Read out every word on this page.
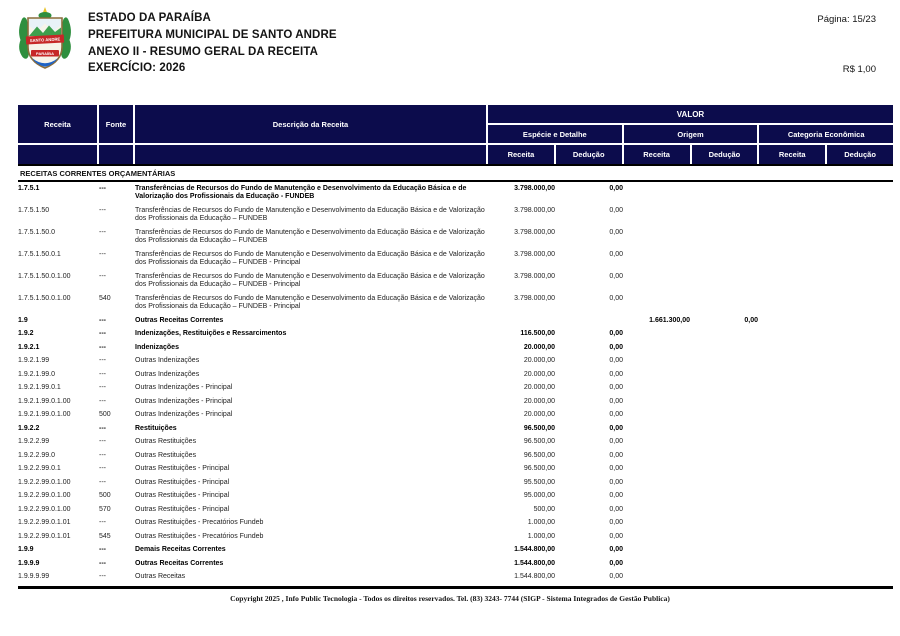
SANTO ANDRE
PARAÍBA
ESTADO DA PARAÍBA
PREFEITURA MUNICIPAL DE SANTO ANDRE
ANEXO II - RESUMO GERAL DA RECEITA
EXERCÍCIO: 2026
Página: 15/23
R$ 1,00
Receita	Fonte	Descrição da Receita
VALOR
Espécie e Detalhe	Origem	Categoria Econômica
Receita	Dedução	Receita	Dedução	Receita	Dedução
RECEITAS CORRENTES ORÇAMENTÁRIAS
1.7.5.1	---	Transferências de Recursos do Fundo de Manutenção e Desenvolvimento da Educação Básica e de Valorização dos Profissionais da Educação - FUNDEB	3.798.000,00	0,00				
1.7.5.1.50	---	Transferências de Recursos do Fundo de Manutenção e Desenvolvimento da Educação Básica e de Valorização dos Profissionais da Educação – FUNDEB	3.798.000,00	0,00				
1.7.5.1.50.0	---	Transferências de Recursos do Fundo de Manutenção e Desenvolvimento da Educação Básica e de Valorização dos Profissionais da Educação – FUNDEB	3.798.000,00	0,00				
1.7.5.1.50.0.1	---	Transferências de Recursos do Fundo de Manutenção e Desenvolvimento da Educação Básica e de Valorização dos Profissionais da Educação – FUNDEB - Principal	3.798.000,00	0,00				
1.7.5.1.50.0.1.00	---	Transferências de Recursos do Fundo de Manutenção e Desenvolvimento da Educação Básica e de Valorização dos Profissionais da Educação – FUNDEB - Principal	3.798.000,00	0,00				
1.7.5.1.50.0.1.00	540	Transferências de Recursos do Fundo de Manutenção e Desenvolvimento da Educação Básica e de Valorização dos Profissionais da Educação – FUNDEB - Principal	3.798.000,00	0,00				
1.9	---	Outras Receitas Correntes			1.661.300,00	0,00		
1.9.2	---	Indenizações, Restituições e Ressarcimentos	116.500,00	0,00				
1.9.2.1	---	Indenizações	20.000,00	0,00				
1.9.2.1.99	---	Outras Indenizações	20.000,00	0,00				
1.9.2.1.99.0	---	Outras Indenizações	20.000,00	0,00				
1.9.2.1.99.0.1	---	Outras Indenizações - Principal	20.000,00	0,00				
1.9.2.1.99.0.1.00	---	Outras Indenizações - Principal	20.000,00	0,00				
1.9.2.1.99.0.1.00	500	Outras Indenizações - Principal	20.000,00	0,00				
1.9.2.2	---	Restituições	96.500,00	0,00				
1.9.2.2.99	---	Outras Restituições	96.500,00	0,00				
1.9.2.2.99.0	---	Outras Restituições	96.500,00	0,00				
1.9.2.2.99.0.1	---	Outras Restituições - Principal	96.500,00	0,00				
1.9.2.2.99.0.1.00	---	Outras Restituições - Principal	95.500,00	0,00				
1.9.2.2.99.0.1.00	500	Outras Restituições - Principal	95.000,00	0,00				
1.9.2.2.99.0.1.00	570	Outras Restituições - Principal	500,00	0,00				
1.9.2.2.99.0.1.01	---	Outras Restituições - Precatórios Fundeb	1.000,00	0,00				
1.9.2.2.99.0.1.01	545	Outras Restituições - Precatórios Fundeb	1.000,00	0,00				
1.9.9	---	Demais Receitas Correntes	1.544.800,00	0,00				
1.9.9.9	---	Outras Receitas Correntes	1.544.800,00	0,00				
1.9.9.9.99	---	Outras Receitas	1.544.800,00	0,00				
Copyright 2025 , Info Public Tecnologia - Todos os direitos reservados. Tel. (83) 3243- 7744 (SIGP - Sistema Integrados de Gestão Publica)
